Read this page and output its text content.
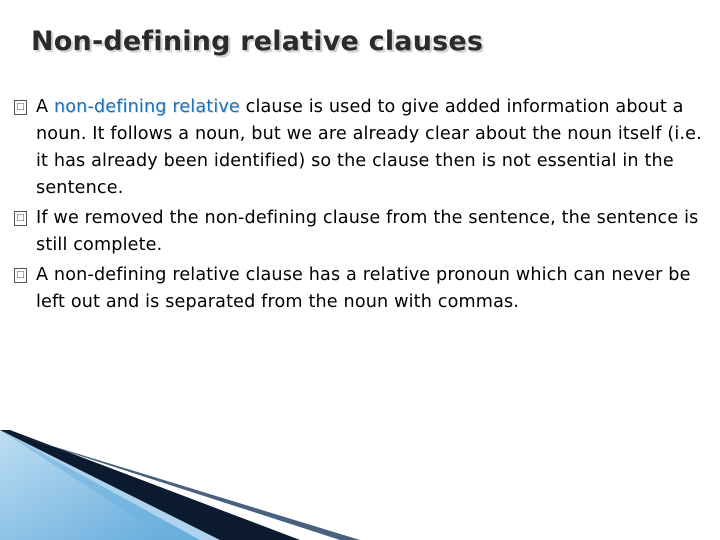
Non-defining relative clauses
□ A non-defining relative clause is used to give added information about a noun. It follows a noun, but we are already clear about the noun itself (i.e. it has already been identified) so the clause then is not essential in the sentence.
□ If we removed the non-defining clause from the sentence, the sentence is still complete.
□ A non-defining relative clause has a relative pronoun which can never be left out and is separated from the noun with commas.
